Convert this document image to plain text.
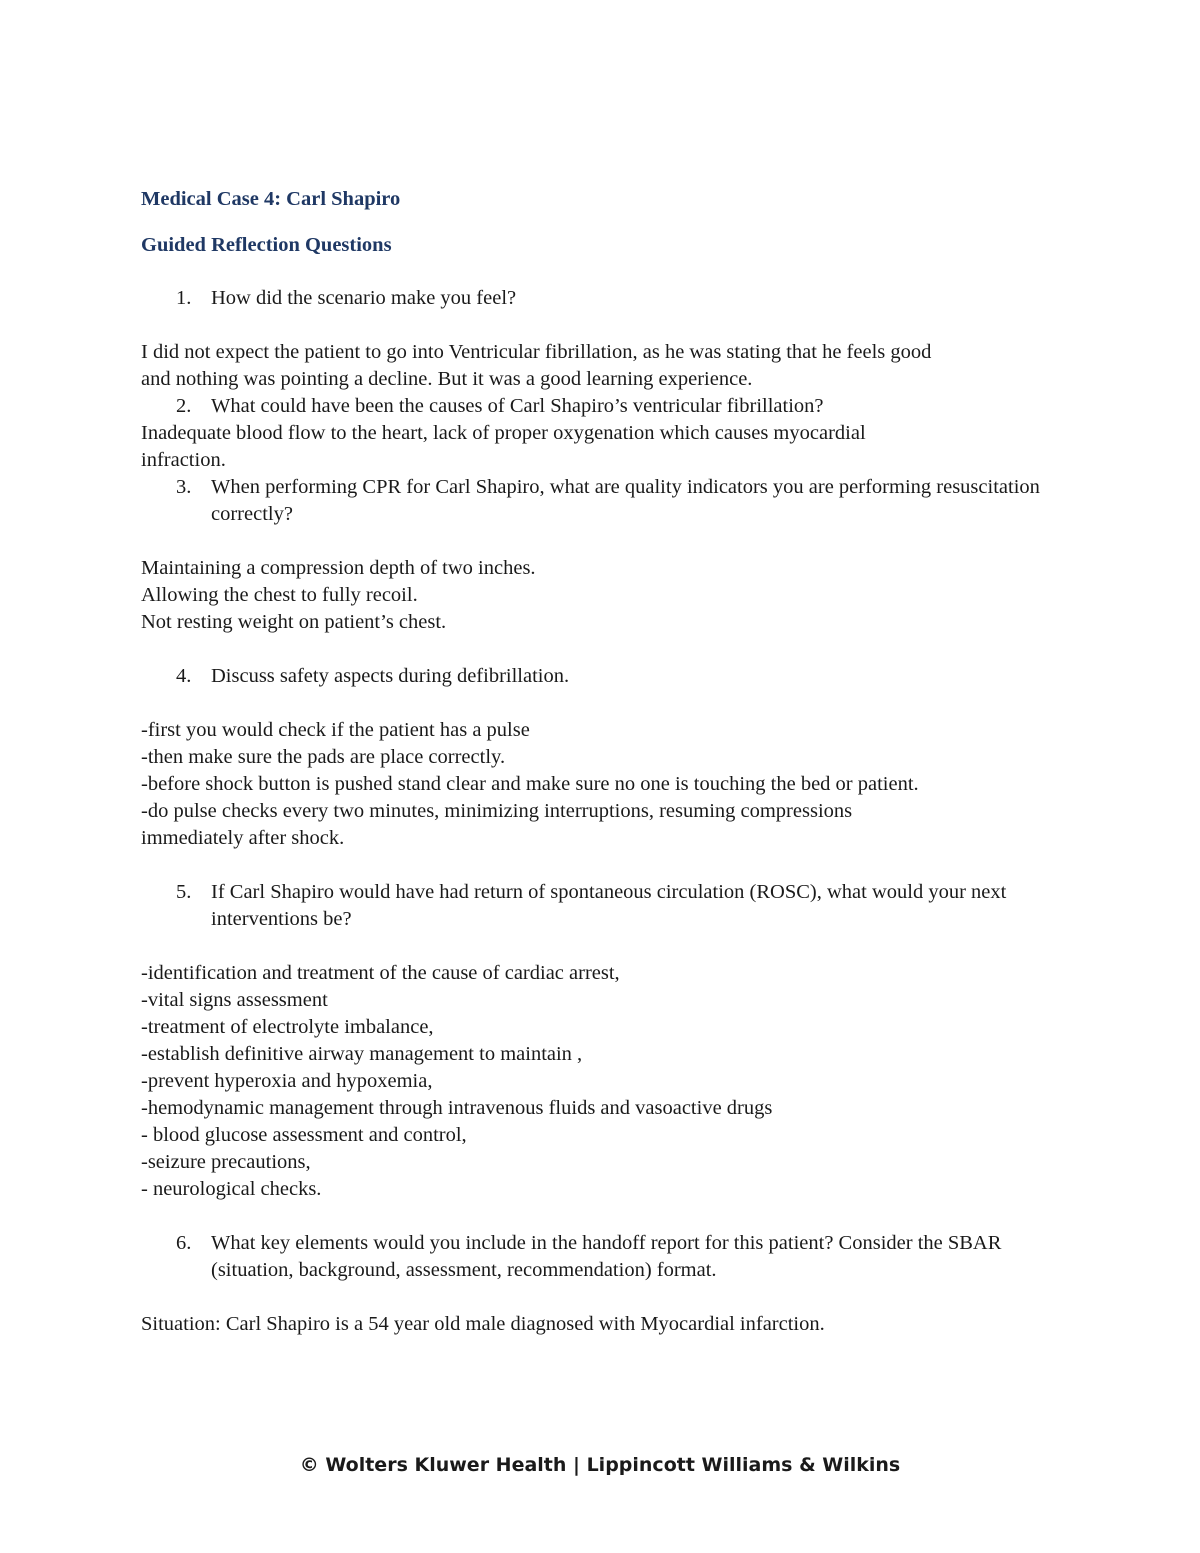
Medical Case 4: Carl Shapiro

Guided Reflection Questions

1. How did the scenario make you feel?

I did not expect the patient to go into Ventricular fibrillation, as he was stating that he feels good

and nothing was pointing a decline. But it was a good learning experience.

2. What could have been the causes of Carl Shapiro’s ventricular fibrillation?

Inadequate blood flow to the heart, lack of proper oxygenation which causes myocardial

infraction.

3. When performing CPR for Carl Shapiro, what are quality indicators you are performing resuscitation correctly?

Maintaining a compression depth of two inches.

Allowing the chest to fully recoil.

Not resting weight on patient’s chest.

4. Discuss safety aspects during defibrillation.

-first you would check if the patient has a pulse

-then make sure the pads are place correctly.

-before shock button is pushed stand clear and make sure no one is touching the bed or patient.

-do pulse checks every two minutes, minimizing interruptions, resuming compressions

immediately after shock.

5. If Carl Shapiro would have had return of spontaneous circulation (ROSC), what would your next interventions be?

-identification and treatment of the cause of cardiac arrest,

-vital signs assessment

-treatment of electrolyte imbalance,

-establish definitive airway management to maintain ,

-prevent hyperoxia and hypoxemia,

-hemodynamic management through intravenous fluids and vasoactive drugs

- blood glucose assessment and control,

-seizure precautions,

- neurological checks.

6. What key elements would you include in the handoff report for this patient? Consider the SBAR (situation, background, assessment, recommendation) format.

Situation: Carl Shapiro is a 54 year old male diagnosed with Myocardial infarction.

© Wolters Kluwer Health | Lippincott Williams & Wilkins
